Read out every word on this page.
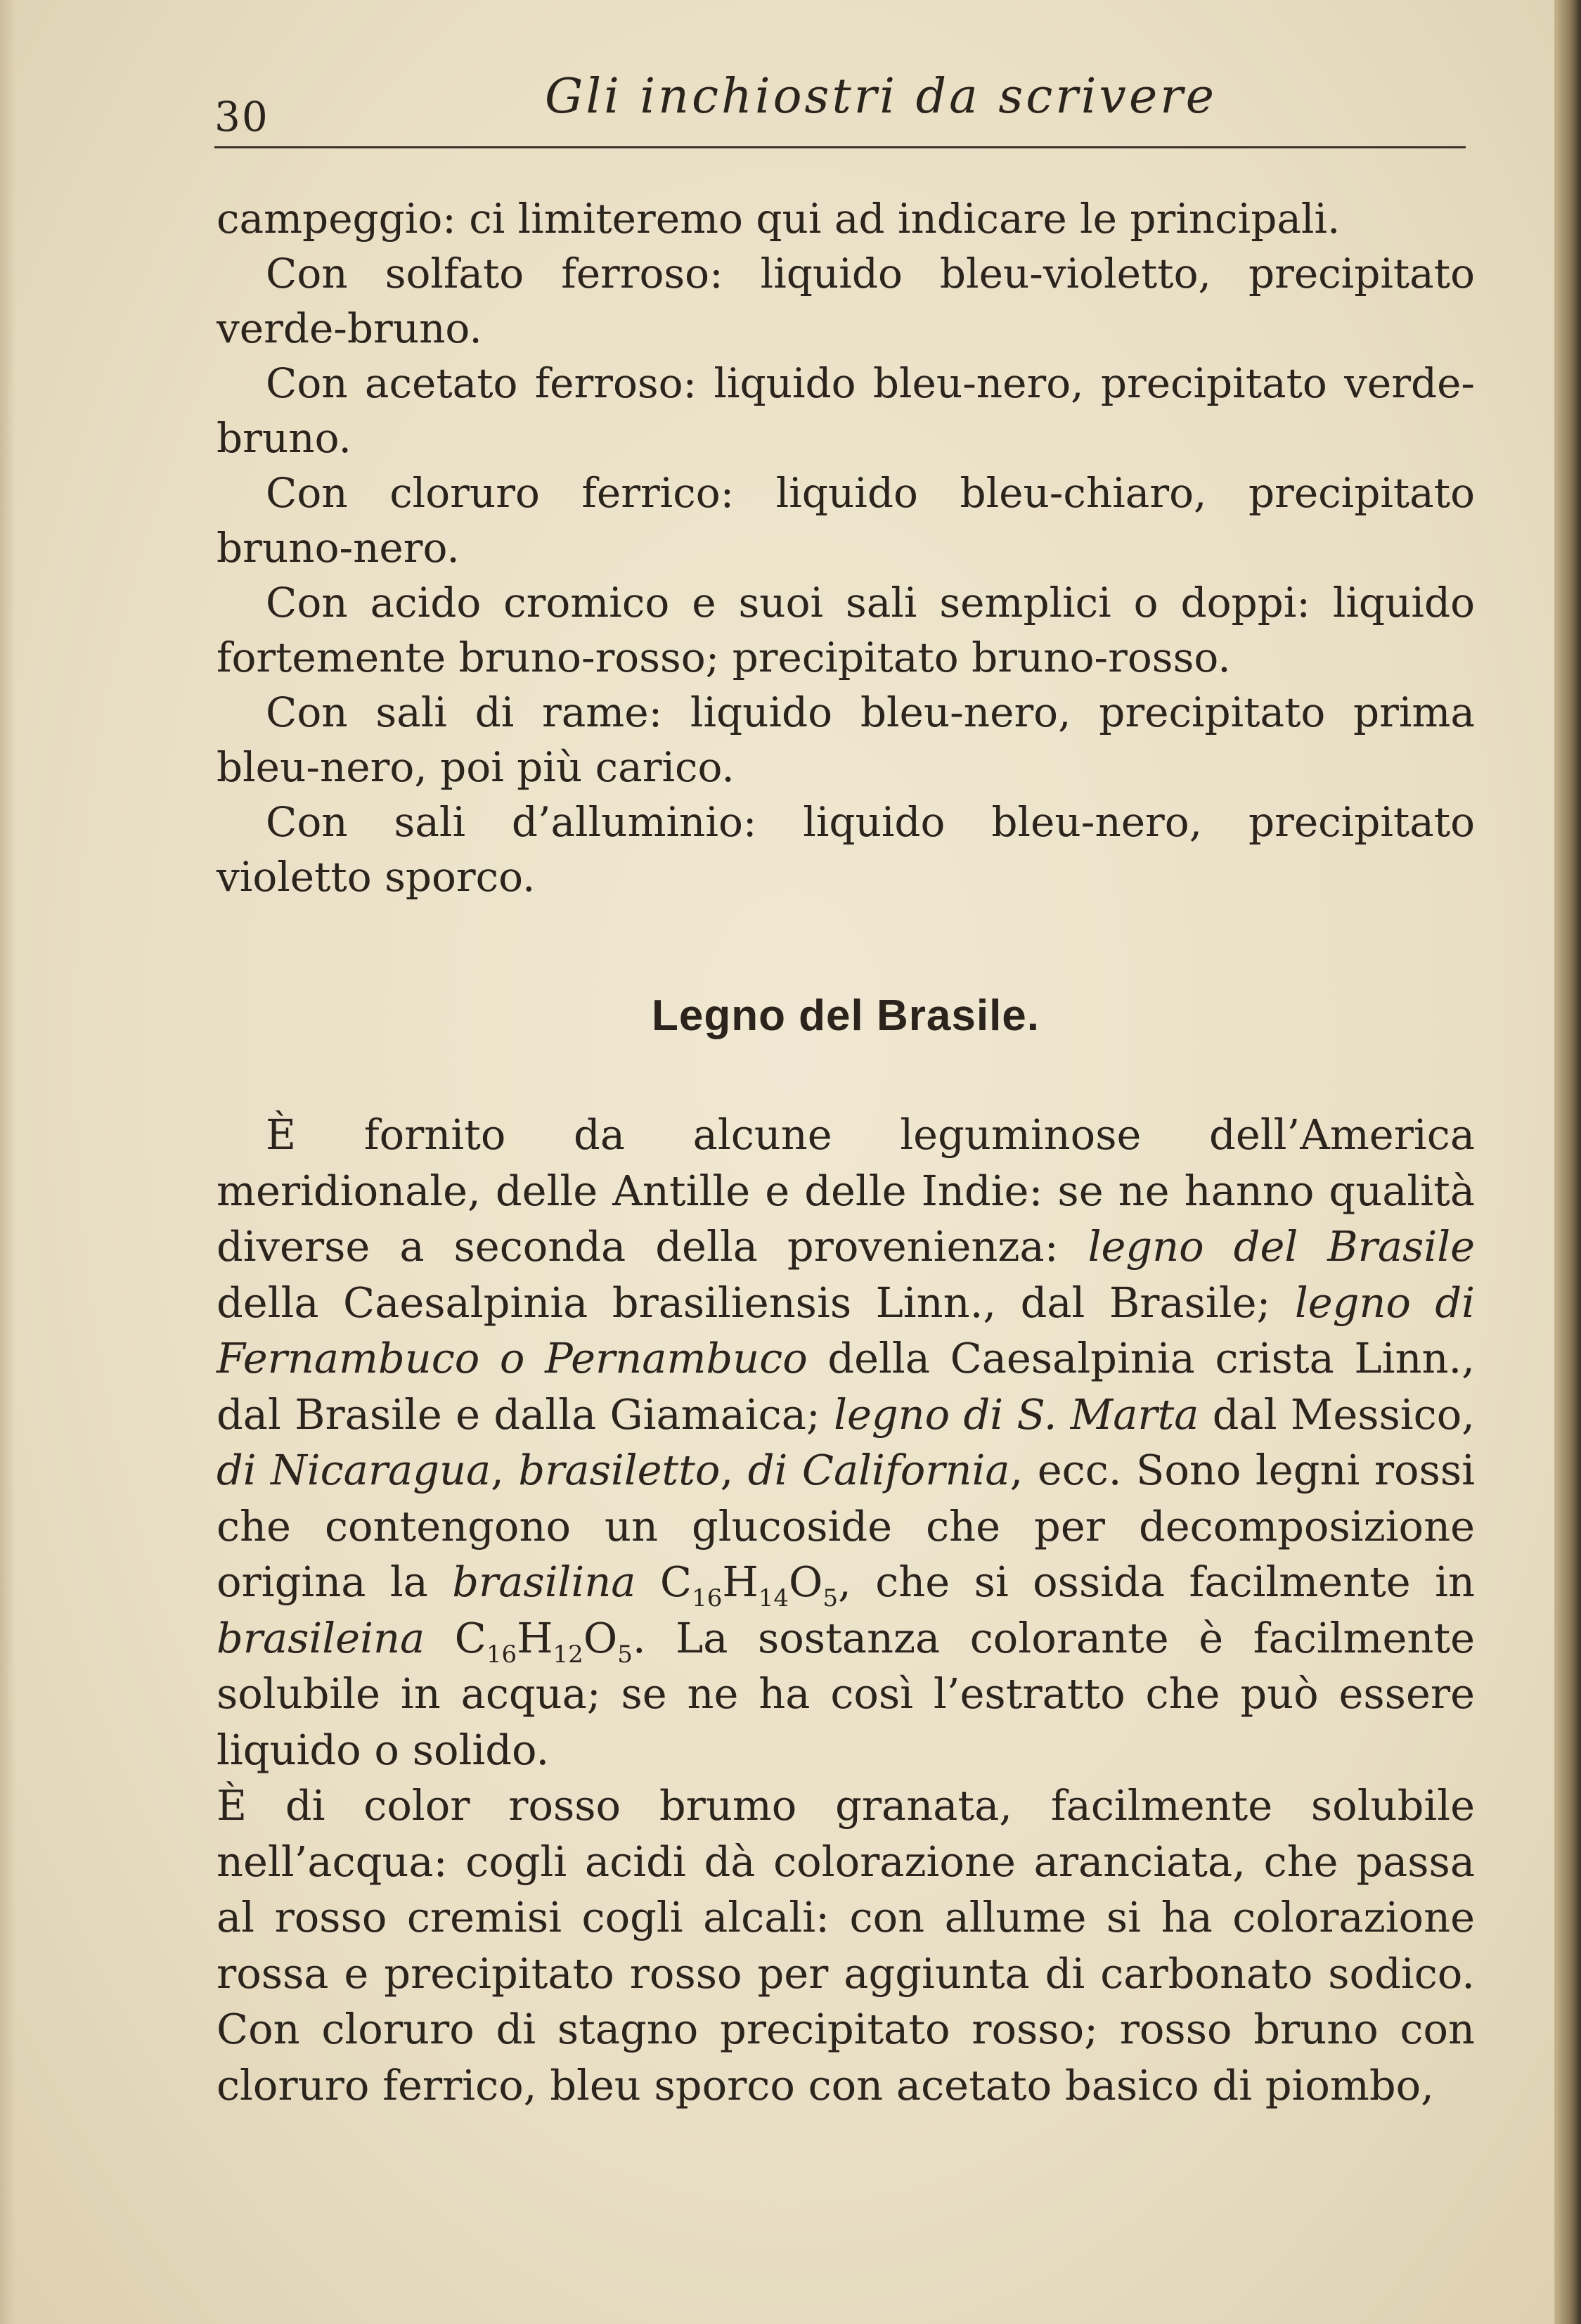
30	Gli inchiostri da scrivere

campeggio: ci limiteremo qui ad indicare le principali.

Con solfato ferroso: liquido bleu-violetto, precipitato verde-bruno.

Con acetato ferroso: liquido bleu-nero, precipitato verde-bruno.

Con cloruro ferrico: liquido bleu-chiaro, precipitato bruno-nero.

Con acido cromico e suoi sali semplici o doppi: liquido fortemente bruno-rosso; precipitato bruno-rosso.

Con sali di rame: liquido bleu-nero, precipitato prima bleu-nero, poi più carico.

Con sali d’alluminio: liquido bleu-nero, precipitato violetto sporco.

Legno del Brasile.

È fornito da alcune leguminose dell’America meridionale, delle Antille e delle Indie: se ne hanno qualità diverse a seconda della provenienza: legno del Brasile della Caesalpinia brasiliensis Linn., dal Brasile; legno di Fernambuco o Pernambuco della Caesalpinia crista Linn., dal Brasile e dalla Giamaica; legno di S. Marta dal Messico, di Nicaragua, brasiletto, di California, ecc. Sono legni rossi che contengono un glucoside che per decomposizione origina la brasilina $C_{16}H_{14}O_5$, che si ossida facilmente in brasileina $C_{16}H_{12}O_5$. La sostanza colorante è facilmente solubile in acqua; se ne ha così l’estratto che può essere liquido o solido.

È di color rosso brumo granata, facilmente solubile nell’acqua: cogli acidi dà colorazione aranciata, che passa al rosso cremisi cogli alcali: con allume si ha colorazione rossa e precipitato rosso per aggiunta di carbonato sodico. Con cloruro di stagno precipitato rosso; rosso bruno con cloruro ferrico, bleu sporco con acetato basico di piombo,
